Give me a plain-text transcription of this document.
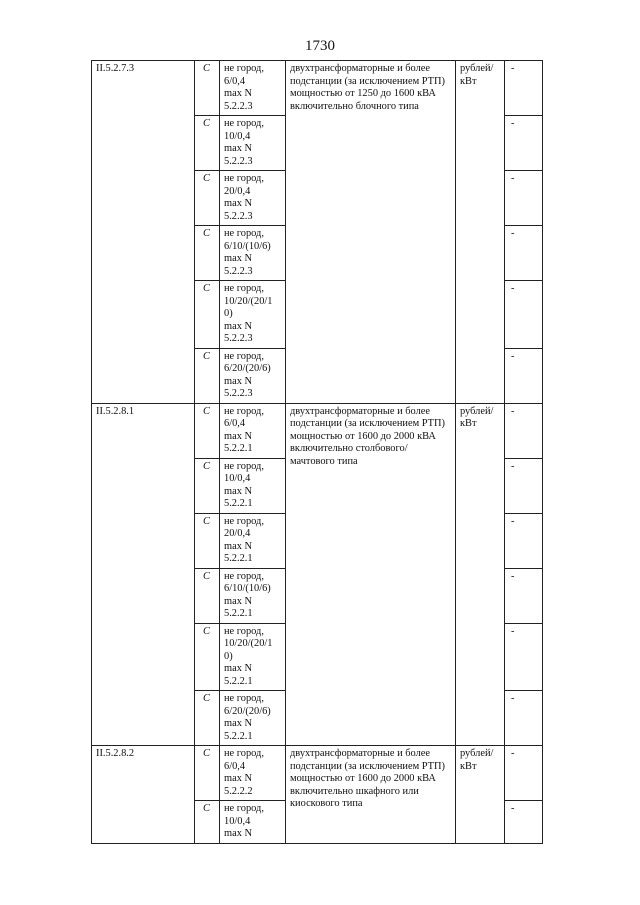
1730
II.5.2.7.3	С	не город,
6/0,4
max N
5.2.2.3	двухтрансформаторные и более подстанции (за исключением РТП) мощностью от 1250 до 1600 кВА включительно блочного типа	рублей/ кВт	-
	С	не город,
10/0,4
max N
5.2.2.3			-
	С	не город,
20/0,4
max N
5.2.2.3			-
	С	не город,
6/10/(10/6)
max N
5.2.2.3			-
	С	не город,
10/20/(20/1
0)
max N
5.2.2.3			-
	С	не город,
6/20/(20/6)
max N
5.2.2.3			-
II.5.2.8.1	С	не город,
6/0,4
max N
5.2.2.1	двухтрансформаторные и более подстанции (за исключением РТП) мощностью от 1600 до 2000 кВА включительно столбового/мачтового типа	рублей/ кВт	-
	С	не город,
10/0,4
max N
5.2.2.1			-
	С	не город,
20/0,4
max N
5.2.2.1			-
	С	не город,
6/10/(10/6)
max N
5.2.2.1			-
	С	не город,
10/20/(20/1
0)
max N
5.2.2.1			-
	С	не город,
6/20/(20/6)
max N
5.2.2.1			-
II.5.2.8.2	С	не город,
6/0,4
max N
5.2.2.2	двухтрансформаторные и более подстанции (за исключением РТП) мощностью от 1600 до 2000 кВА включительно шкафного или киоскового типа	рублей/ кВт	-
	С	не город,
10/0,4
max N			-
